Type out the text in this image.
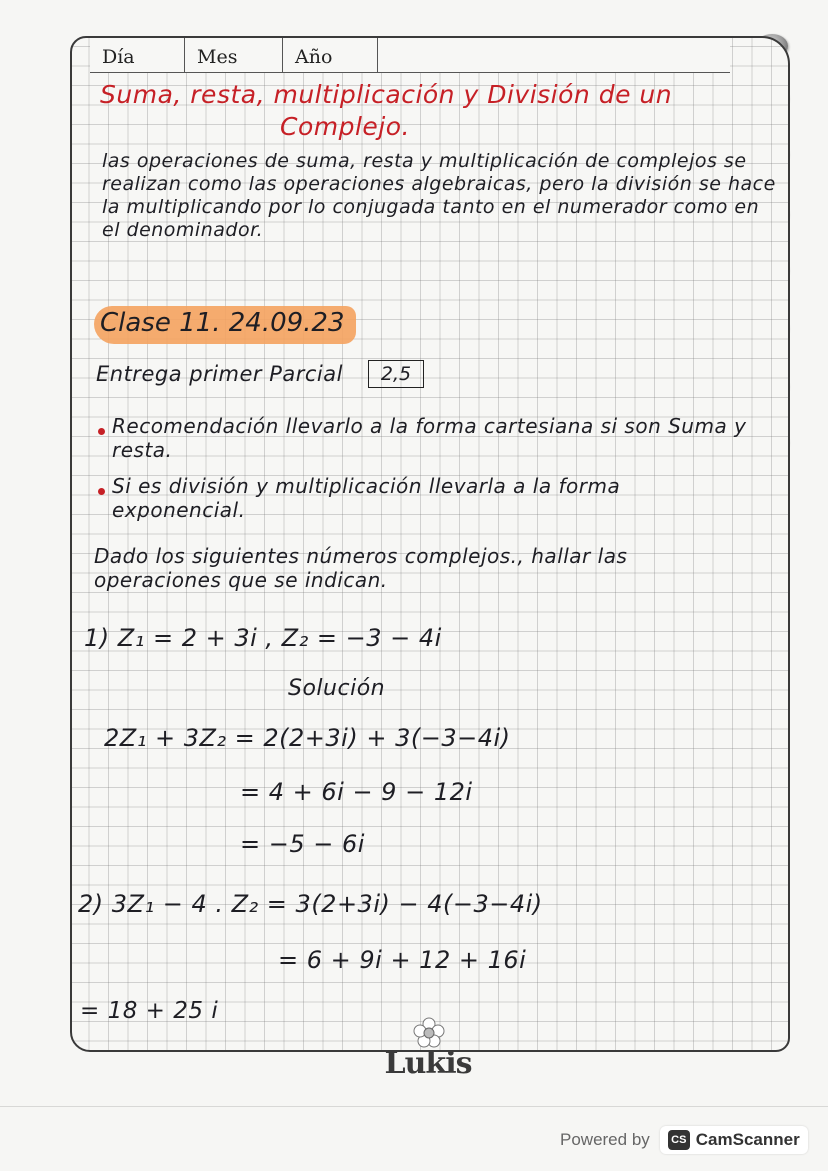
Día	Mes	Año
Suma, resta, multiplicación y División de un
Complejo.
las operaciones de suma, resta y multiplicación de complejos se realizan como las operaciones algebraicas, pero la división se hace la multiplicando por lo conjugada tanto en el numerador como en el denominador.
Clase 11. 24.09.23
Entrega primer Parcial	2,5
Recomendación llevarlo a la forma cartesiana si son Suma y resta.
Si es división y multiplicación llevarla a la forma exponencial.
Dado los siguientes números complejos., hallar las operaciones que se indican.
1) Z₁ = 2 + 3i , Z₂ = −3 − 4i
Solución
2Z₁ + 3Z₂ = 2(2+3i) + 3(−3−4i)
= 4 + 6i − 9 − 12i
= −5 − 6i
2) 3Z₁ − 4 . Z₂ = 3(2+3i) − 4(−3−4i)
= 6 + 9i + 12 + 16i
= 18 + 25 i
Lukis
Powered by	CS CamScanner
